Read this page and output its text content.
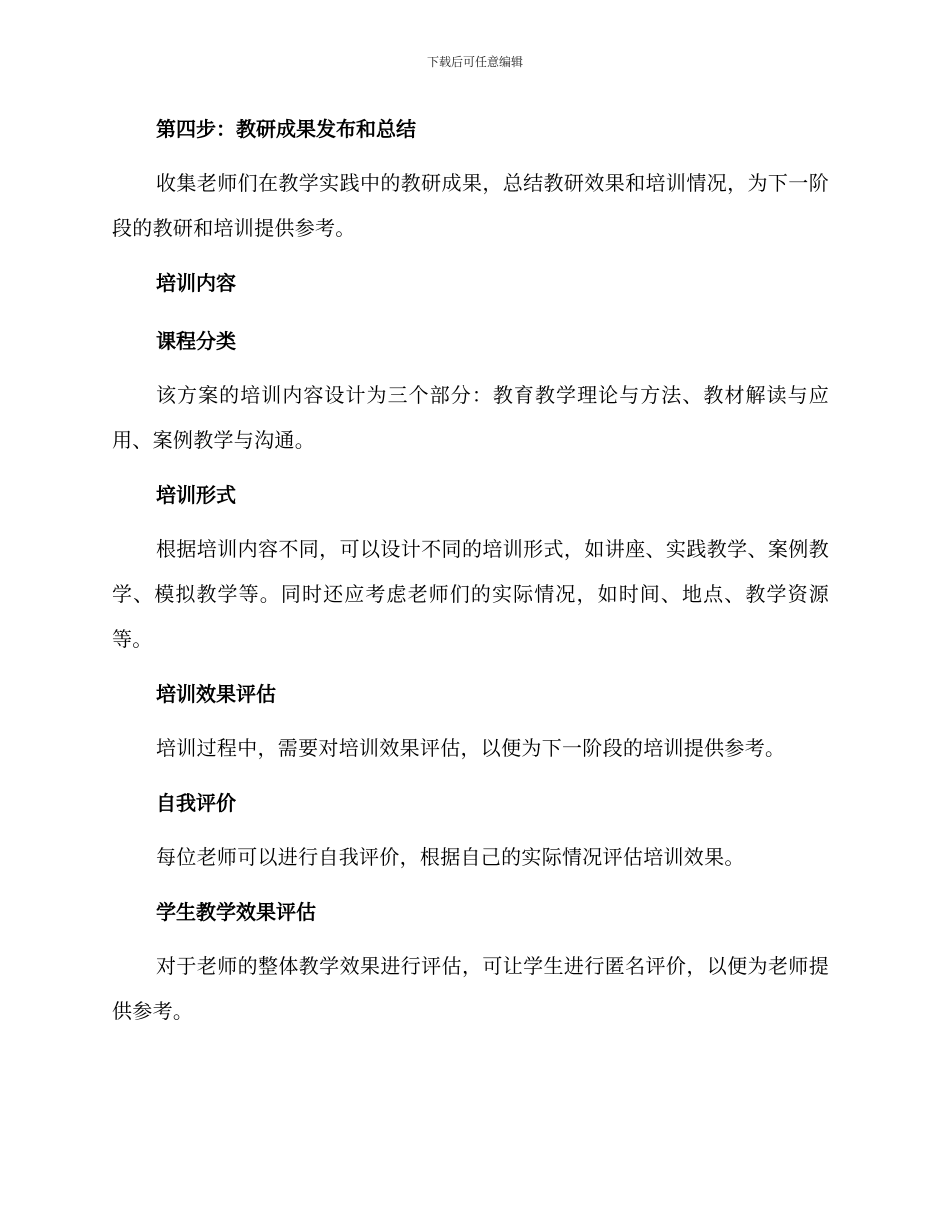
下载后可任意编辑
第四步：教研成果发布和总结

收集老师们在教学实践中的教研成果，总结教研效果和培训情况，为下一阶段的教研和培训提供参考。

培训内容
课程分类

该方案的培训内容设计为三个部分：教育教学理论与方法、教材解读与应用、案例教学与沟通。

培训形式

根据培训内容不同，可以设计不同的培训形式，如讲座、实践教学、案例教学、模拟教学等。同时还应考虑老师们的实际情况，如时间、地点、教学资源等。

培训效果评估

培训过程中，需要对培训效果评估，以便为下一阶段的培训提供参考。

自我评价

每位老师可以进行自我评价，根据自己的实际情况评估培训效果。

学生教学效果评估

对于老师的整体教学效果进行评估，可让学生进行匿名评价，以便为老师提供参考。
